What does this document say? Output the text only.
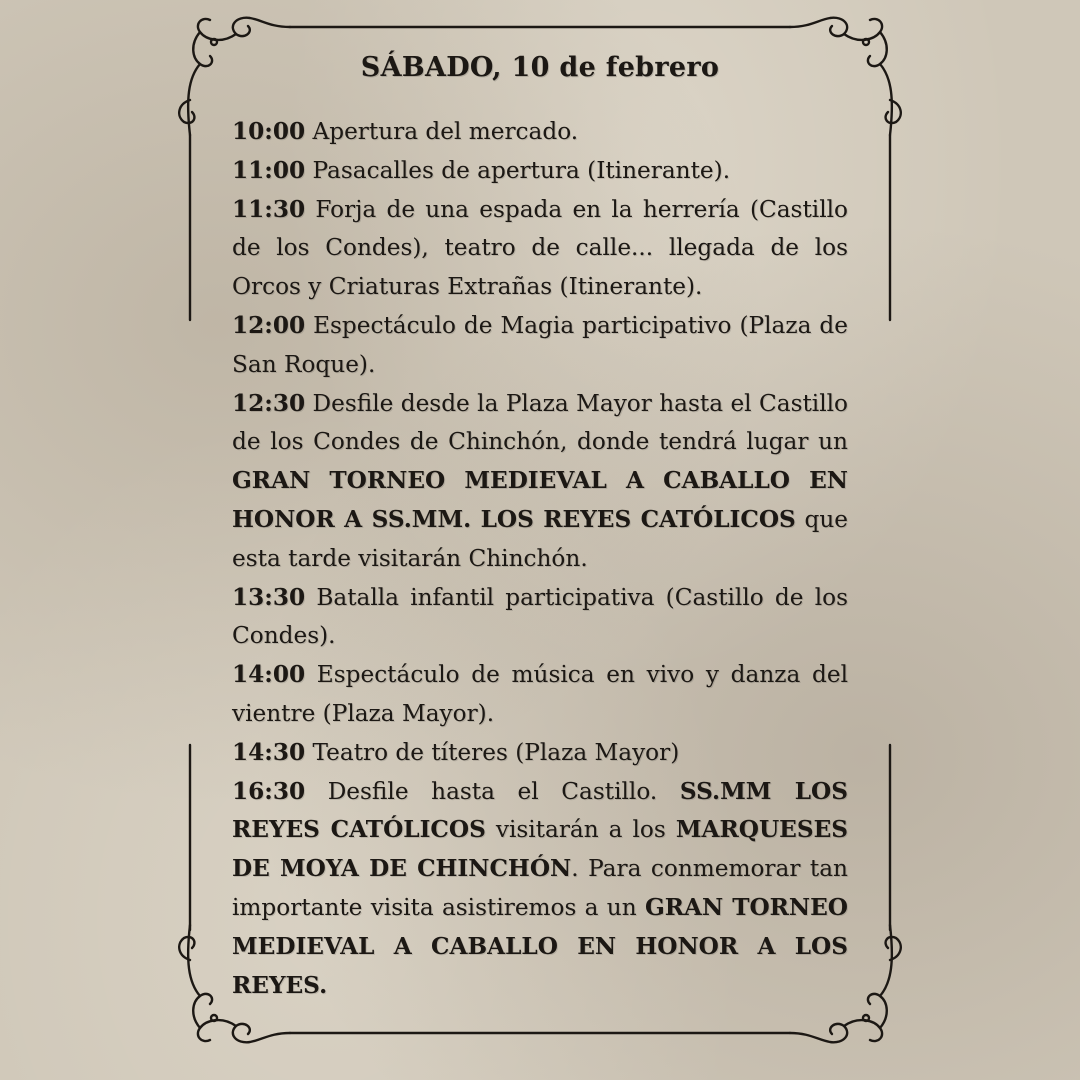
SÁBADO, 10 de febrero

10:00 Apertura del mercado.

11:00 Pasacalles de apertura (Itinerante).

11:30 Forja de una espada en la herrería (Castillo de los Condes), teatro de calle... llegada de los Orcos y Criaturas Extrañas (Itinerante).

12:00 Espectáculo de Magia participativo (Plaza de San Roque).

12:30 Desfile desde la Plaza Mayor hasta el Castillo de los Condes de Chinchón, donde tendrá lugar un GRAN TORNEO MEDIEVAL A CABALLO EN HONOR A SS.MM. LOS REYES CATÓLICOS que esta tarde visitarán Chinchón.

13:30 Batalla infantil participativa (Castillo de los Condes).

14:00 Espectáculo de música en vivo y danza del vientre (Plaza Mayor).

14:30 Teatro de títeres (Plaza Mayor)

16:30 Desfile hasta el Castillo. SS.MM LOS REYES CATÓLICOS visitarán a los MARQUESES DE MOYA DE CHINCHÓN. Para conmemorar tan importante visita asistiremos a un GRAN TORNEO MEDIEVAL A CABALLO EN HONOR A LOS REYES.
